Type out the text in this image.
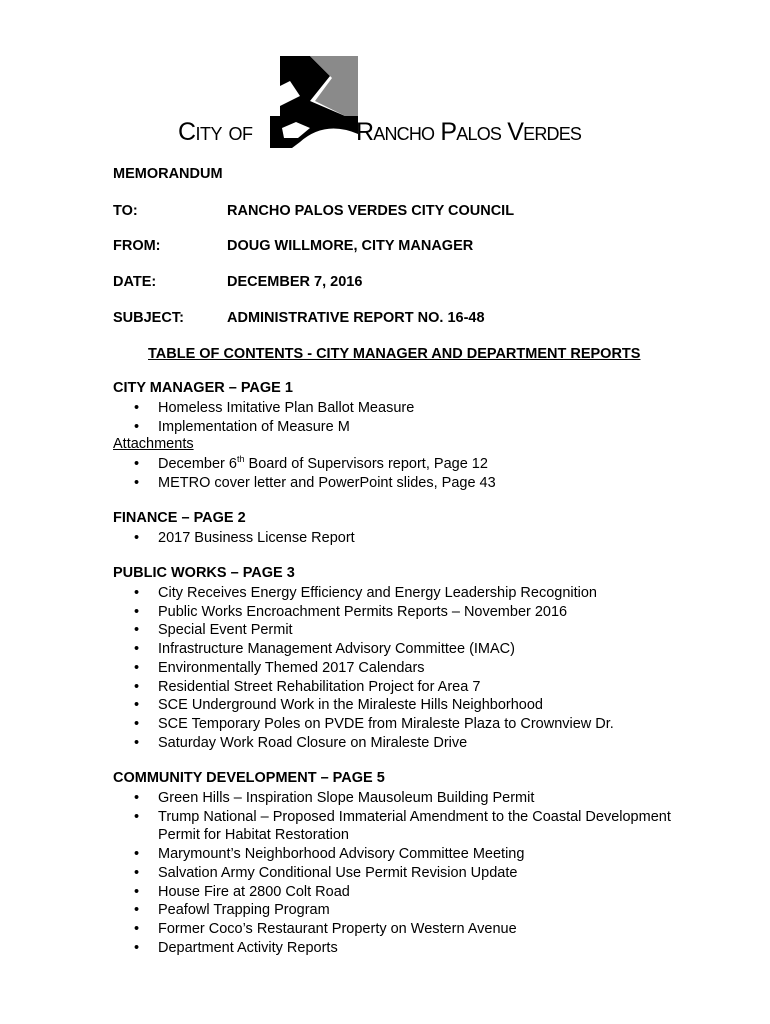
City of	Rancho Palos Verdes
MEMORANDUM
TO:	RANCHO PALOS VERDES CITY COUNCIL
FROM:	DOUG WILLMORE, CITY MANAGER
DATE:	DECEMBER 7, 2016
SUBJECT:	ADMINISTRATIVE REPORT NO. 16-48
TABLE OF CONTENTS - CITY MANAGER AND DEPARTMENT REPORTS
CITY MANAGER – PAGE 1
• Homeless Imitative Plan Ballot Measure
• Implementation of Measure M
Attachments
• December 6th Board of Supervisors report, Page 12
• METRO cover letter and PowerPoint slides, Page 43
FINANCE – PAGE 2
• 2017 Business License Report
PUBLIC WORKS – PAGE 3
• City Receives Energy Efficiency and Energy Leadership Recognition
• Public Works Encroachment Permits Reports – November 2016
• Special Event Permit
• Infrastructure Management Advisory Committee (IMAC)
• Environmentally Themed 2017 Calendars
• Residential Street Rehabilitation Project for Area 7
• SCE Underground Work in the Miraleste Hills Neighborhood
• SCE Temporary Poles on PVDE from Miraleste Plaza to Crownview Dr.
• Saturday Work Road Closure on Miraleste Drive
COMMUNITY DEVELOPMENT – PAGE 5
• Green Hills – Inspiration Slope Mausoleum Building Permit
• Trump National – Proposed Immaterial Amendment to the Coastal Development Permit for Habitat Restoration
• Marymount’s Neighborhood Advisory Committee Meeting
• Salvation Army Conditional Use Permit Revision Update
• House Fire at 2800 Colt Road
• Peafowl Trapping Program
• Former Coco’s Restaurant Property on Western Avenue
• Department Activity Reports
